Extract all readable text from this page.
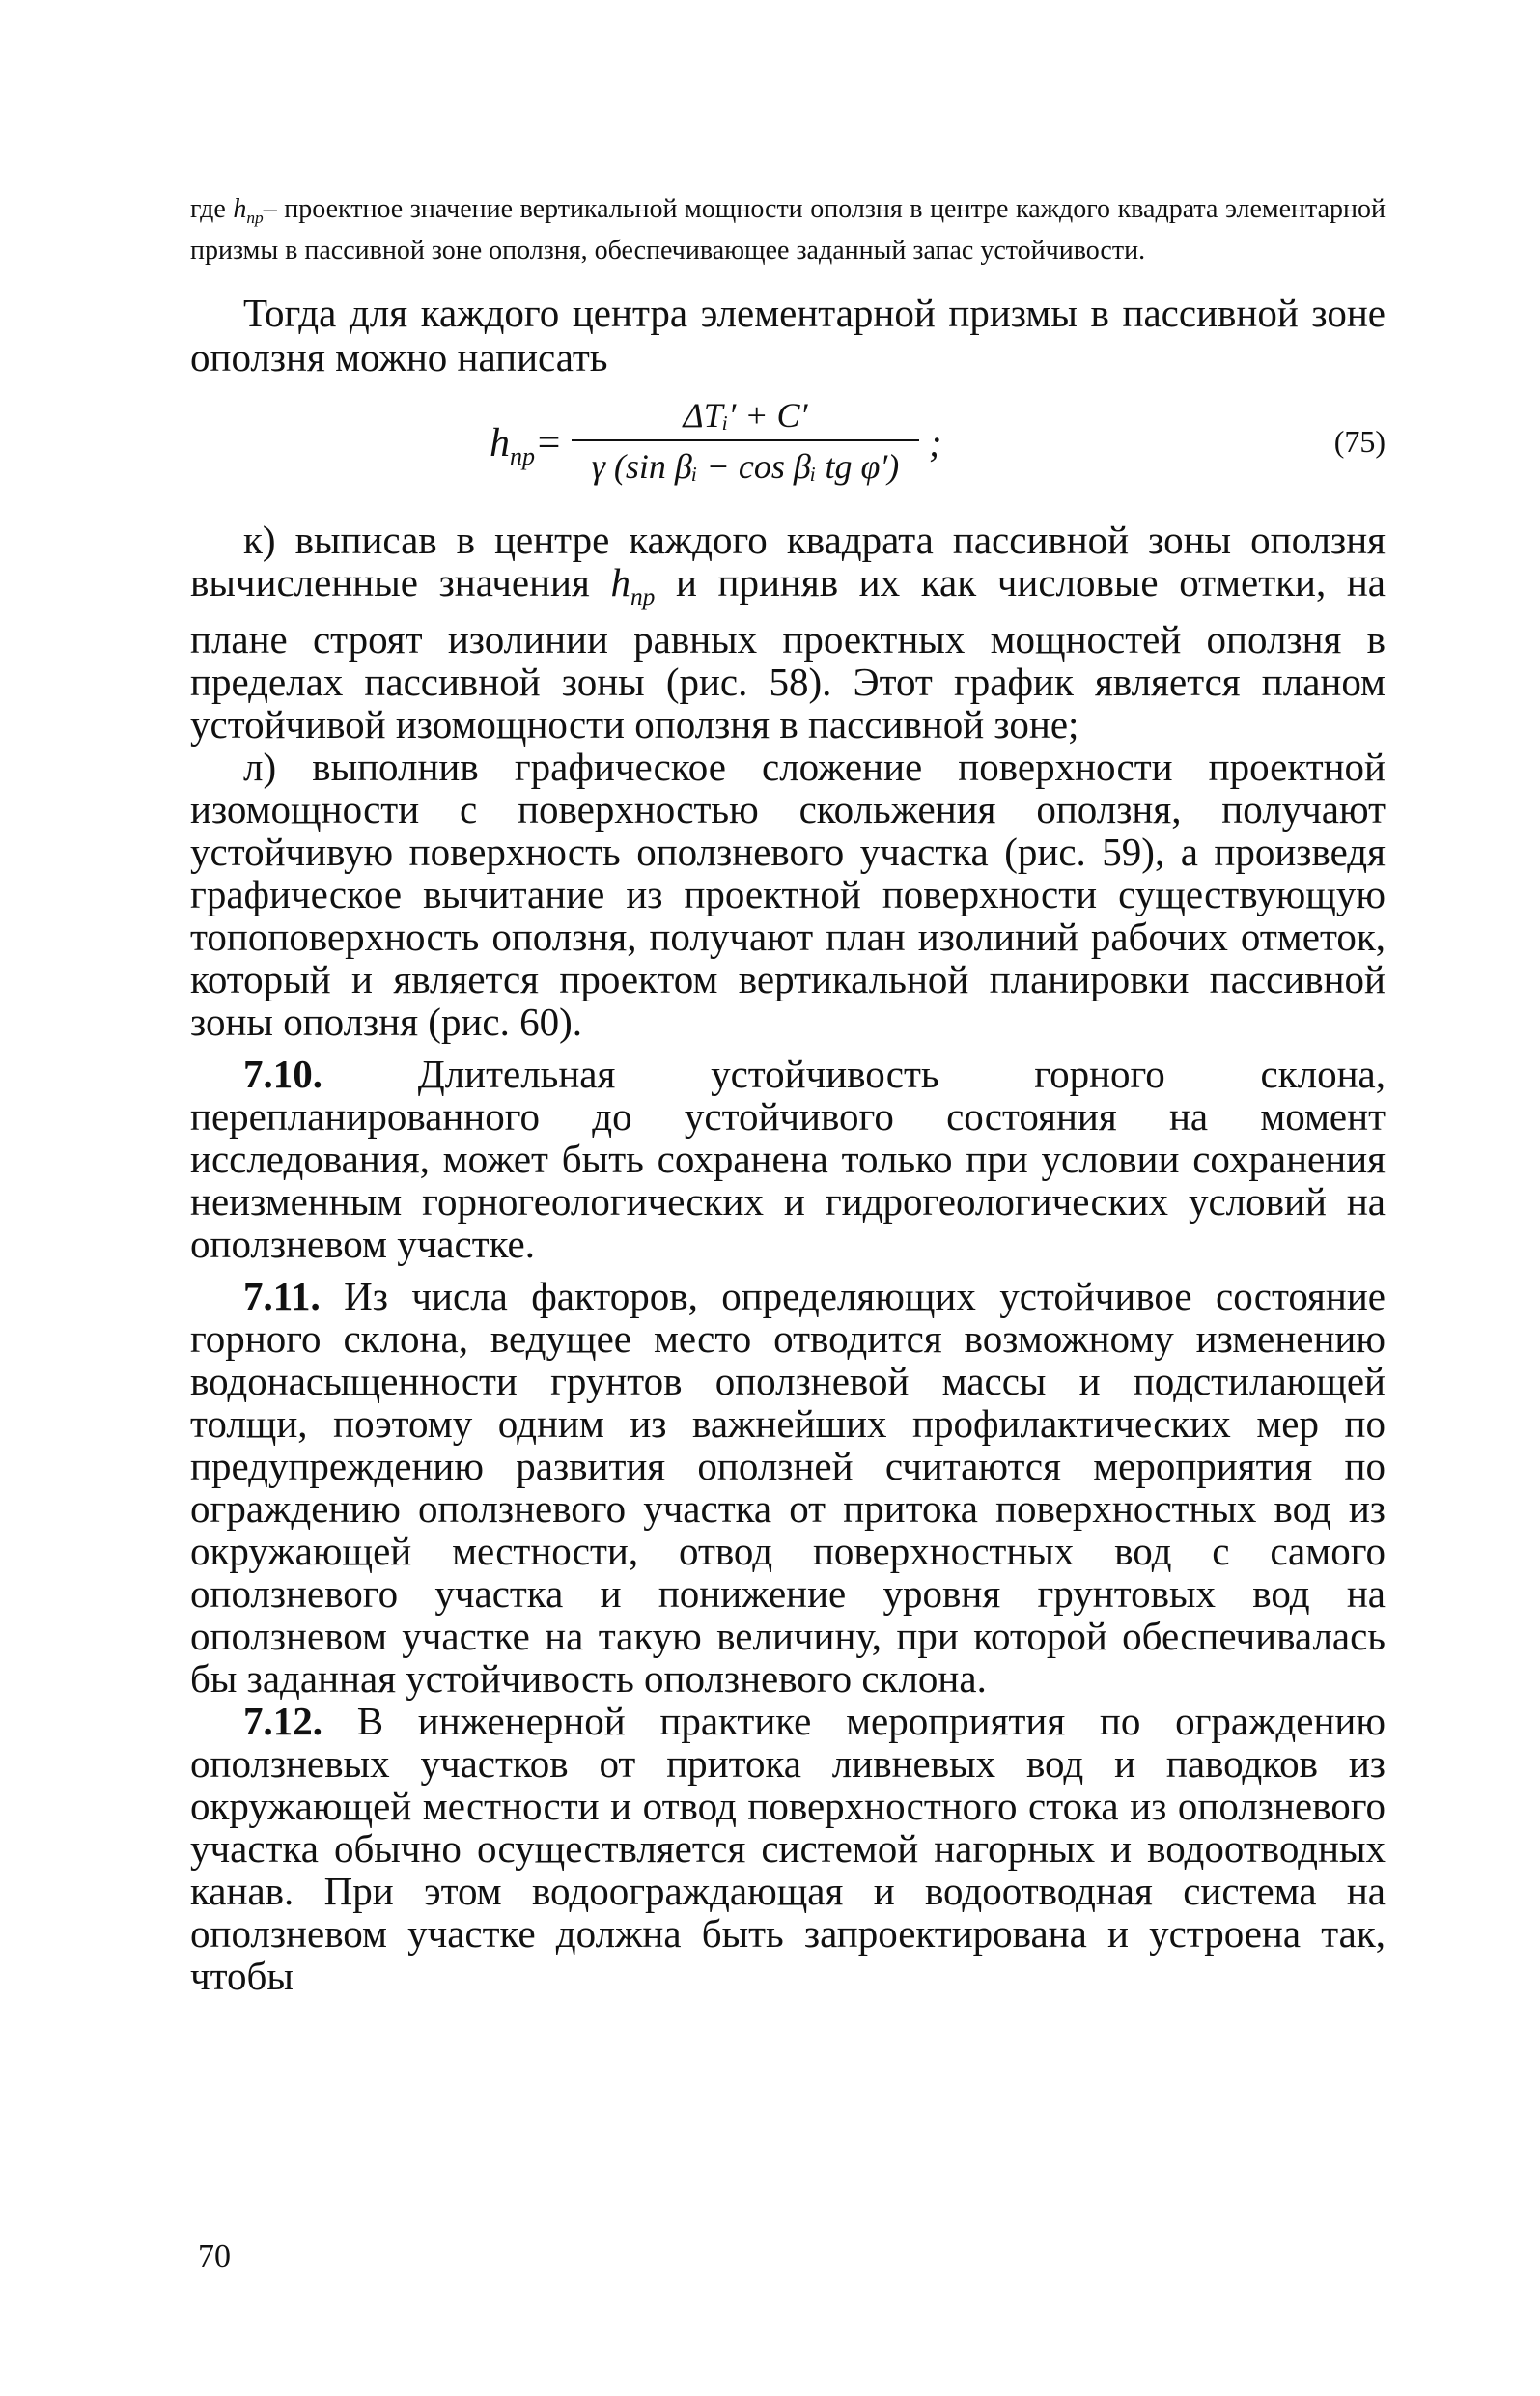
где $h_{пр}-$ проектное значение вертикальной мощности оползня в центре каждого квадрата элементарной призмы в пассивной зоне оползня, обеспечивающее заданный запас устойчивости.

Тогда для каждого центра элементарной призмы в пассивной зоне оползня можно написать

$h_{пр}=$
ΔTᵢ′ + C′
γ (sin βᵢ − cos βᵢ tg φ′)
;	(75)

к) выписав в центре каждого квадрата пассивной зоны оползня вычисленные значения $h_{пр}$ и приняв их как числовые отметки, на плане строят изолинии равных проектных мощностей оползня в пределах пассивной зоны (рис. 58). Этот график является планом устойчивой изомощности оползня в пассивной зоне;

л) выполнив графическое сложение поверхности проектной изомощности с поверхностью скольжения оползня, получают устойчивую поверхность оползневого участка (рис. 59), а произведя графическое вычитание из проектной поверхности существующую топоповерхность оползня, получают план изолиний рабочих отметок, который и является проектом вертикальной планировки пассивной зоны оползня (рис. 60).

7.10. Длительная устойчивость горного склона, перепланированного до устойчивого состояния на момент исследования, может быть сохранена только при условии сохранения неизменным горногеологических и гидрогеологических условий на оползневом участке.

7.11. Из числа факторов, определяющих устойчивое состояние горного склона, ведущее место отводится возможному изменению водонасыщенности грунтов оползневой массы и подстилающей толщи, поэтому одним из важнейших профилактических мер по предупреждению развития оползней считаются мероприятия по ограждению оползневого участка от притока поверхностных вод из окружающей местности, отвод поверхностных вод с самого оползневого участка и понижение уровня грунтовых вод на оползневом участке на такую величину, при которой обеспечивалась бы заданная устойчивость оползневого склона.

7.12. В инженерной практике мероприятия по ограждению оползневых участков от притока ливневых вод и паводков из окружающей местности и отвод поверхностного стока из оползневого участка обычно осуществляется системой нагорных и водоотводных канав. При этом водоограждающая и водоотводная система на оползневом участке должна быть запроектирована и устроена так, чтобы

70
